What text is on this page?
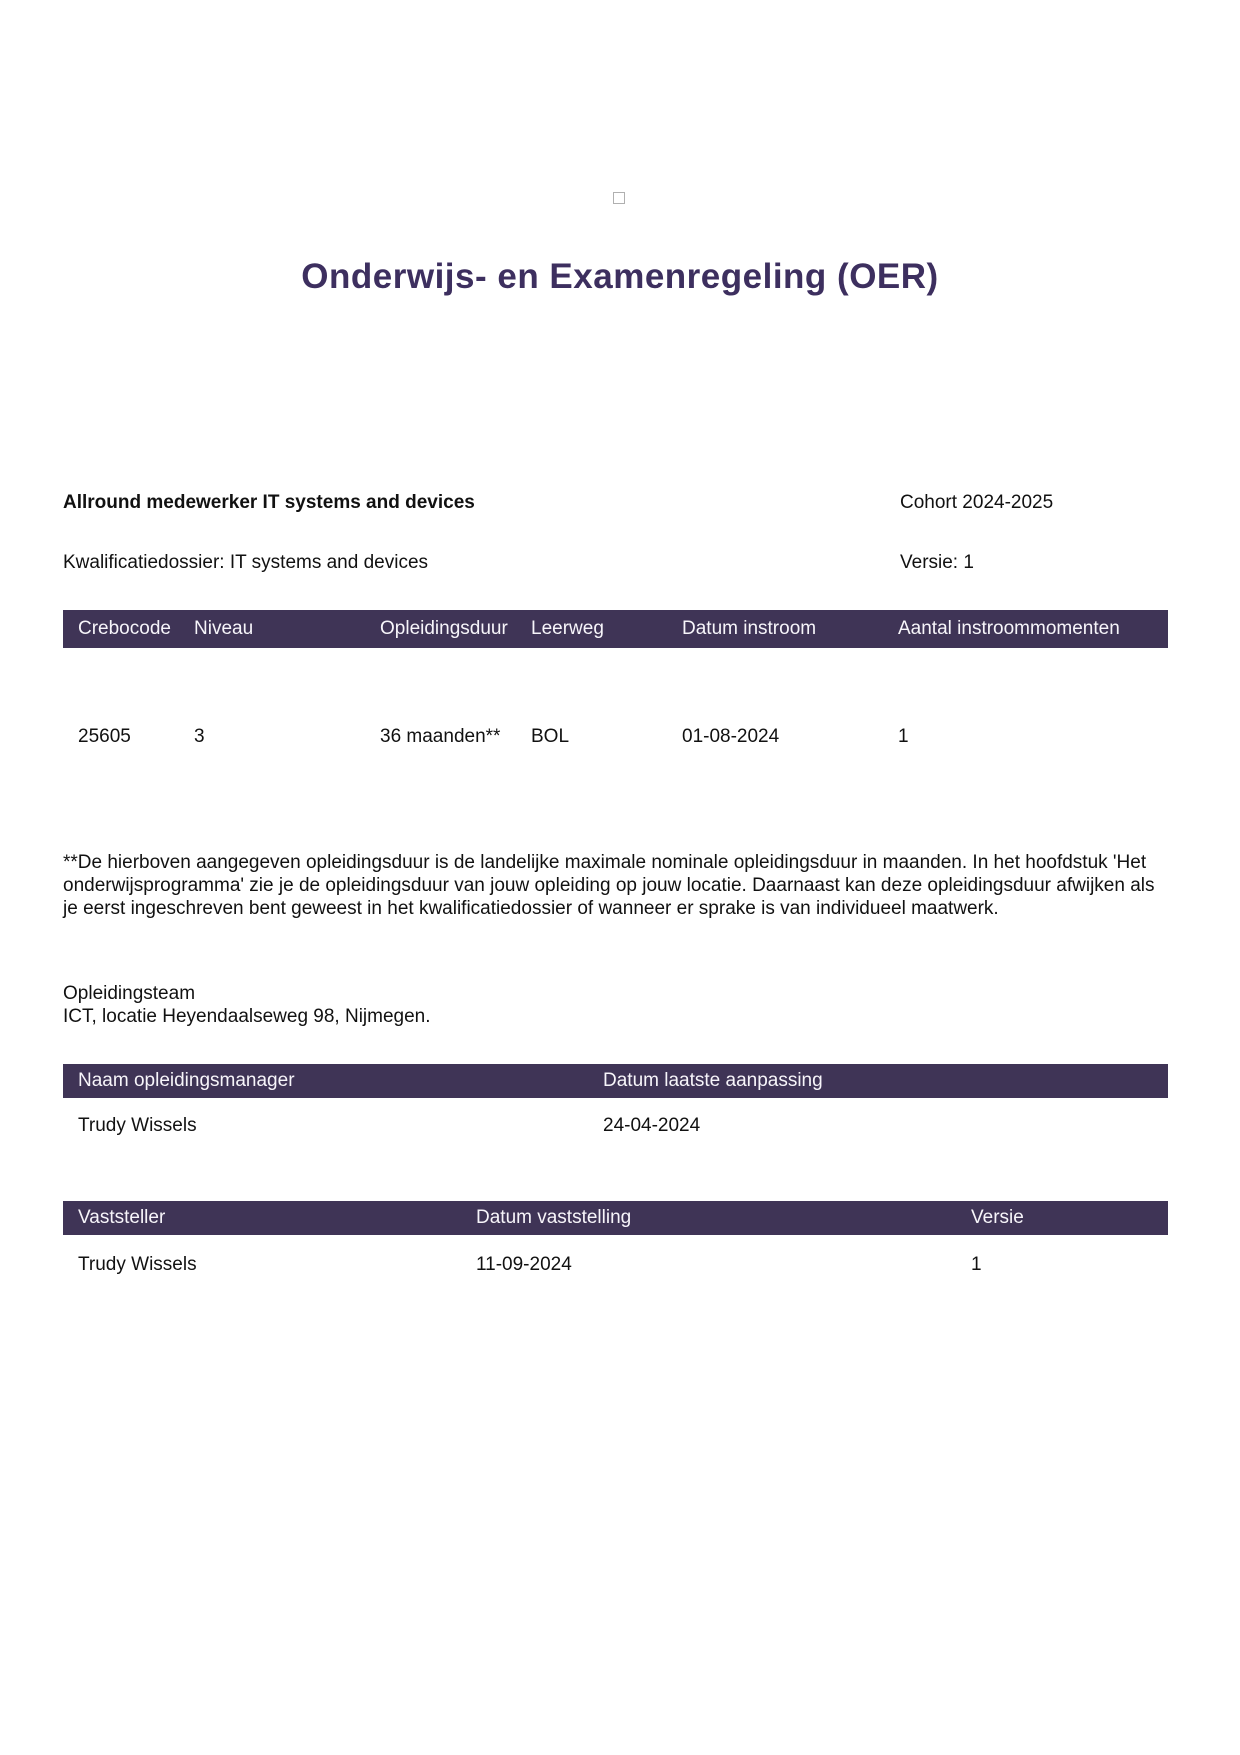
Onderwijs- en Examenregeling (OER)
Allround medewerker IT systems and devices	Cohort 2024-2025
Kwalificatiedossier: IT systems and devices	Versie: 1
Crebocode	Niveau	Opleidingsduur	Leerweg	Datum instroom	Aantal instroommomenten
25605	3	36 maanden**	BOL	01-08-2024	1

**De hierboven aangegeven opleidingsduur is de landelijke maximale nominale opleidingsduur in maanden. In het hoofdstuk 'Het onderwijsprogramma' zie je de opleidingsduur van jouw opleiding op jouw locatie. Daarnaast kan deze opleidingsduur afwijken als je eerst ingeschreven bent geweest in het kwalificatiedossier of wanneer er sprake is van individueel maatwerk.

Opleidingsteam
ICT, locatie Heyendaalseweg 98, Nijmegen.
Naam opleidingsmanager	Datum laatste aanpassing
Trudy Wissels	24-04-2024
Vaststeller	Datum vaststelling	Versie
Trudy Wissels	11-09-2024	1
